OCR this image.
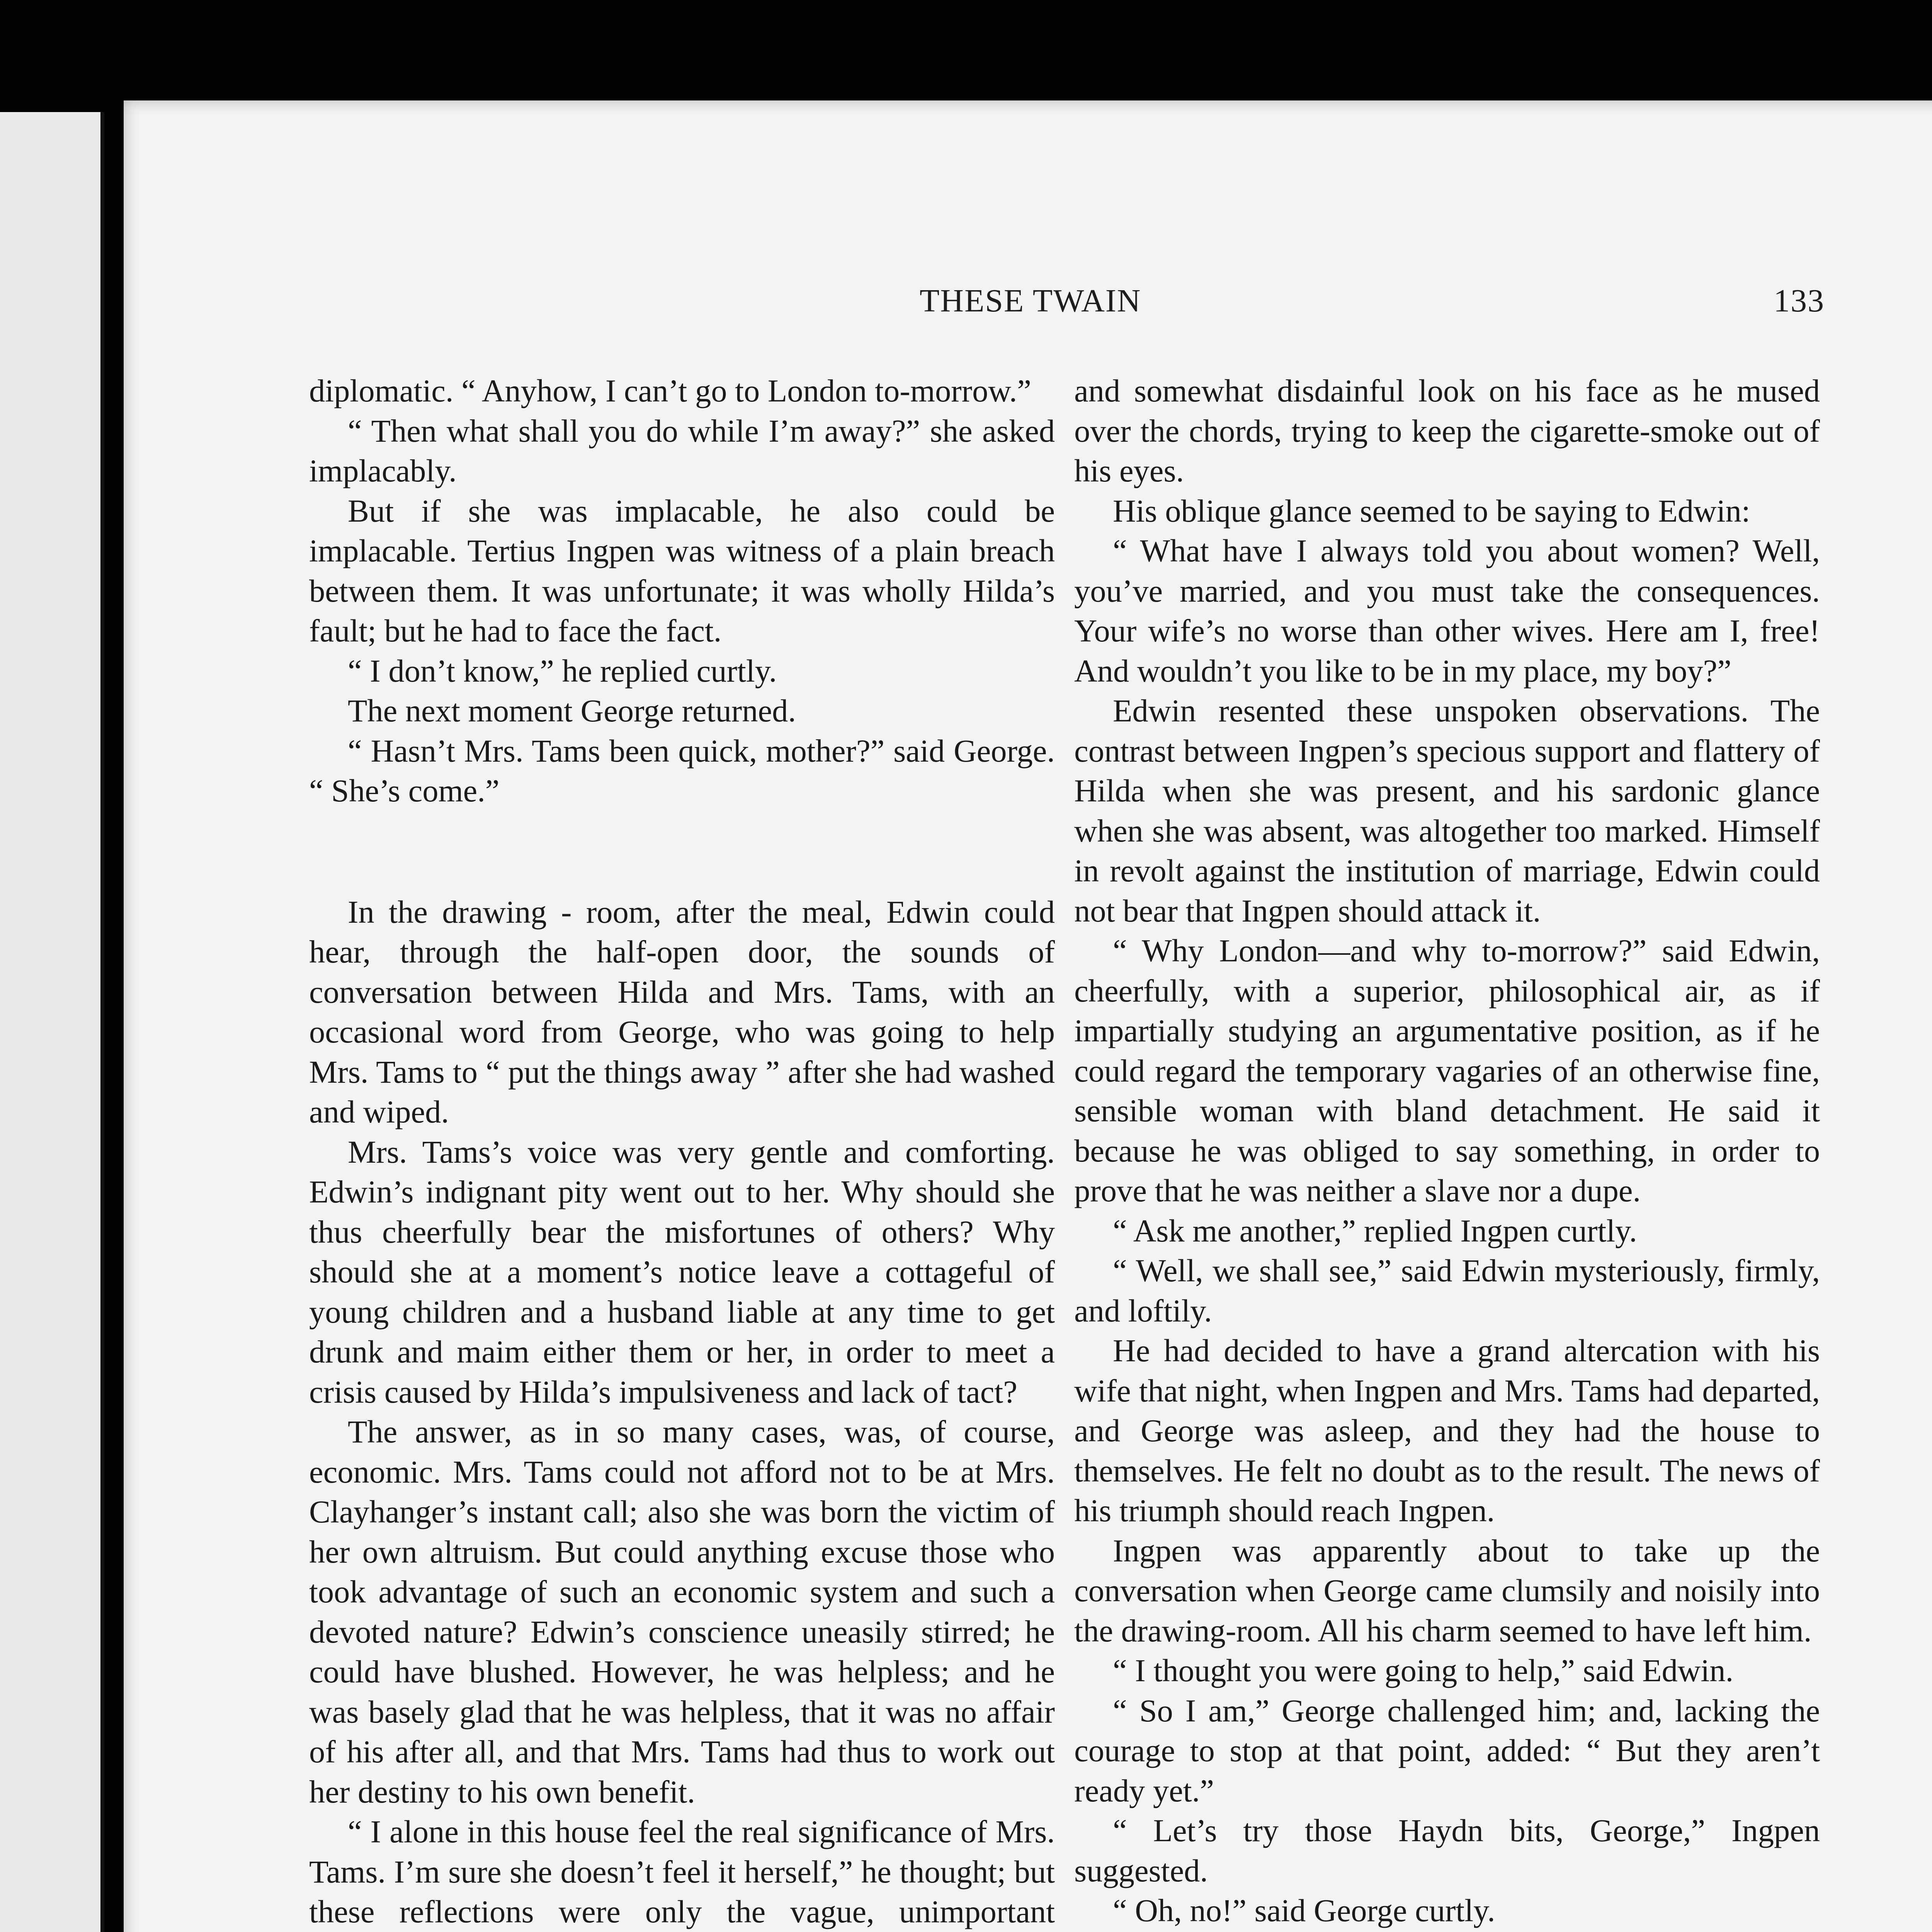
THESE TWAIN	133

diplomatic. “ Anyhow, I can’t go to London to-morrow.”

“ Then what shall you do while I’m away?” she asked implacably.

But if she was implacable, he also could be implacable. Tertius Ingpen was witness of a plain breach between them. It was unfortunate; it was wholly Hilda’s fault; but he had to face the fact.

“ I don’t know,” he replied curtly.

The next moment George returned.

“ Hasn’t Mrs. Tams been quick, mother?” said George. “ She’s come.”

In the drawing - room, after the meal, Edwin could hear, through the half-open door, the sounds of conversation between Hilda and Mrs. Tams, with an occasional word from George, who was going to help Mrs. Tams to “ put the things away ” after she had washed and wiped.

Mrs. Tams’s voice was very gentle and comforting. Edwin’s indignant pity went out to her. Why should she thus cheerfully bear the misfortunes of others? Why should she at a moment’s notice leave a cottageful of young children and a husband liable at any time to get drunk and maim either them or her, in order to meet a crisis caused by Hilda’s impulsiveness and lack of tact?

The answer, as in so many cases, was, of course, economic. Mrs. Tams could not afford not to be at Mrs. Clayhanger’s instant call; also she was born the victim of her own altruism. But could anything excuse those who took advantage of such an economic system and such a devoted nature? Edwin’s conscience uneasily stirred; he could have blushed. However, he was helpless; and he was basely glad that he was helpless, that it was no affair of his after all, and that Mrs. Tams had thus to work out her destiny to his own benefit.

“ I alone in this house feel the real significance of Mrs. Tams. I’m sure she doesn’t feel it herself,” he thought; but these reflections were only the vague, unimportant

and somewhat disdainful look on his face as he mused over the chords, trying to keep the cigarette-smoke out of his eyes.

His oblique glance seemed to be saying to Edwin:

“ What have I always told you about women? Well, you’ve married, and you must take the consequences. Your wife’s no worse than other wives. Here am I, free! And wouldn’t you like to be in my place, my boy?”

Edwin resented these unspoken observations. The contrast between Ingpen’s specious support and flattery of Hilda when she was present, and his sardonic glance when she was absent, was altogether too marked. Himself in revolt against the institution of marriage, Edwin could not bear that Ingpen should attack it.

“ Why London—and why to-morrow?” said Edwin, cheerfully, with a superior, philosophical air, as if impartially studying an argumentative position, as if he could regard the temporary vagaries of an otherwise fine, sensible woman with bland detachment. He said it because he was obliged to say something, in order to prove that he was neither a slave nor a dupe.

“ Ask me another,” replied Ingpen curtly.

“ Well, we shall see,” said Edwin mysteriously, firmly, and loftily.

He had decided to have a grand altercation with his wife that night, when Ingpen and Mrs. Tams had departed, and George was asleep, and they had the house to themselves. He felt no doubt as to the result. The news of his triumph should reach Ingpen.

Ingpen was apparently about to take up the conversation when George came clumsily and noisily into the drawing-room. All his charm seemed to have left him.

“ I thought you were going to help,” said Edwin.

“ So I am,” George challenged him; and, lacking the courage to stop at that point, added: “ But they aren’t ready yet.”

“ Let’s try those Haydn bits, George,” Ingpen suggested.

“ Oh, no!” said George curtly.
